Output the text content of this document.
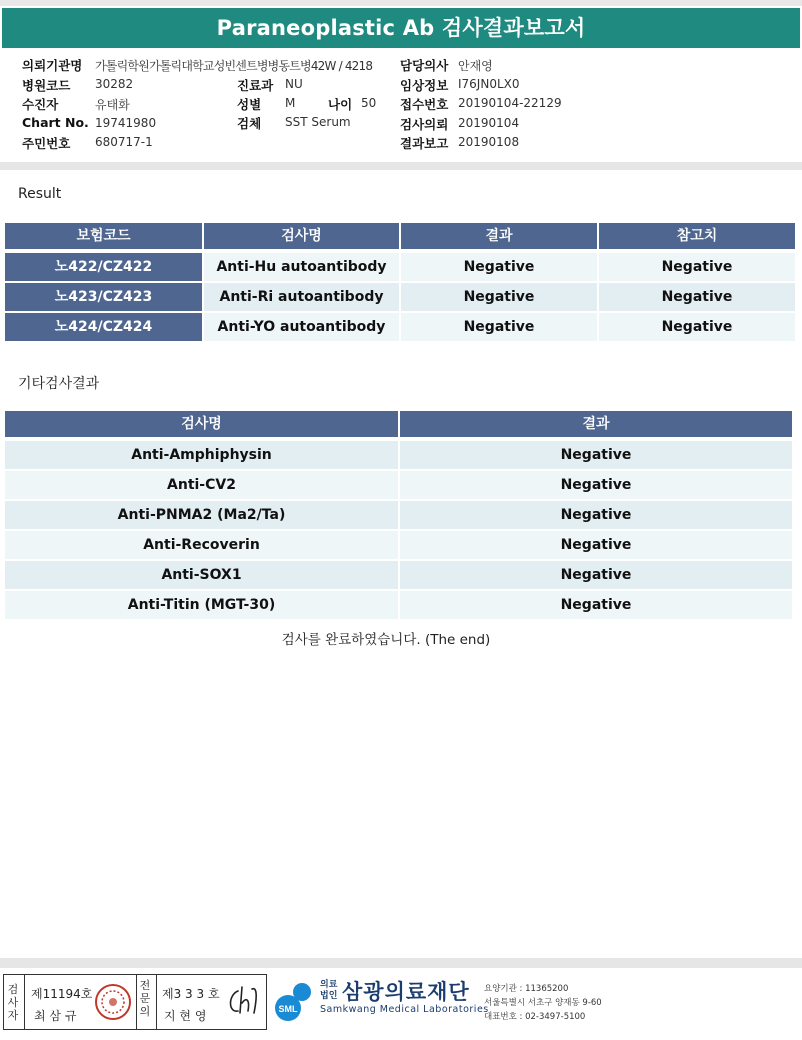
Paraneoplastic Ab 검사결과보고서
의뢰기관명 가톨릭학원가톨릭대학교성빈센트병병동트병42W / 4218 담당의사 안재영
병원코드 30282	진료과 NU	임상정보 I76JN0LX0
수진자	유태화	성별 M	나이 50 접수번호 20190104-22129
Chart No. 19741980	검체 SST Serum	검사의뢰 20190104
주민번호 680717-1	결과보고 20190108
Result
보험코드	검사명	결과	참고치
노422/CZ422	Anti-Hu autoantibody	Negative	Negative
노423/CZ423	Anti-Ri autoantibody	Negative	Negative
노424/CZ424	Anti-YO autoantibody	Negative	Negative
기타검사결과
검사명	결과
Anti-Amphiphysin	Negative
Anti-CV2	Negative
Anti-PNMA2 (Ma2/Ta)	Negative
Anti-Recoverin	Negative
Anti-SOX1	Negative
Anti-Titin (MGT-30)	Negative
검사를 완료하였습니다. (The end)
검
사
자
제11194호
최 삼 규
전
문
의
제3 3 3 호
지 현 영	SML
의료법인 삼광의료재단
Samkwang Medical Laboratories
요양기관 : 11365200
서울특별시 서초구 양재동 9-60
대표번호 : 02-3497-5100
